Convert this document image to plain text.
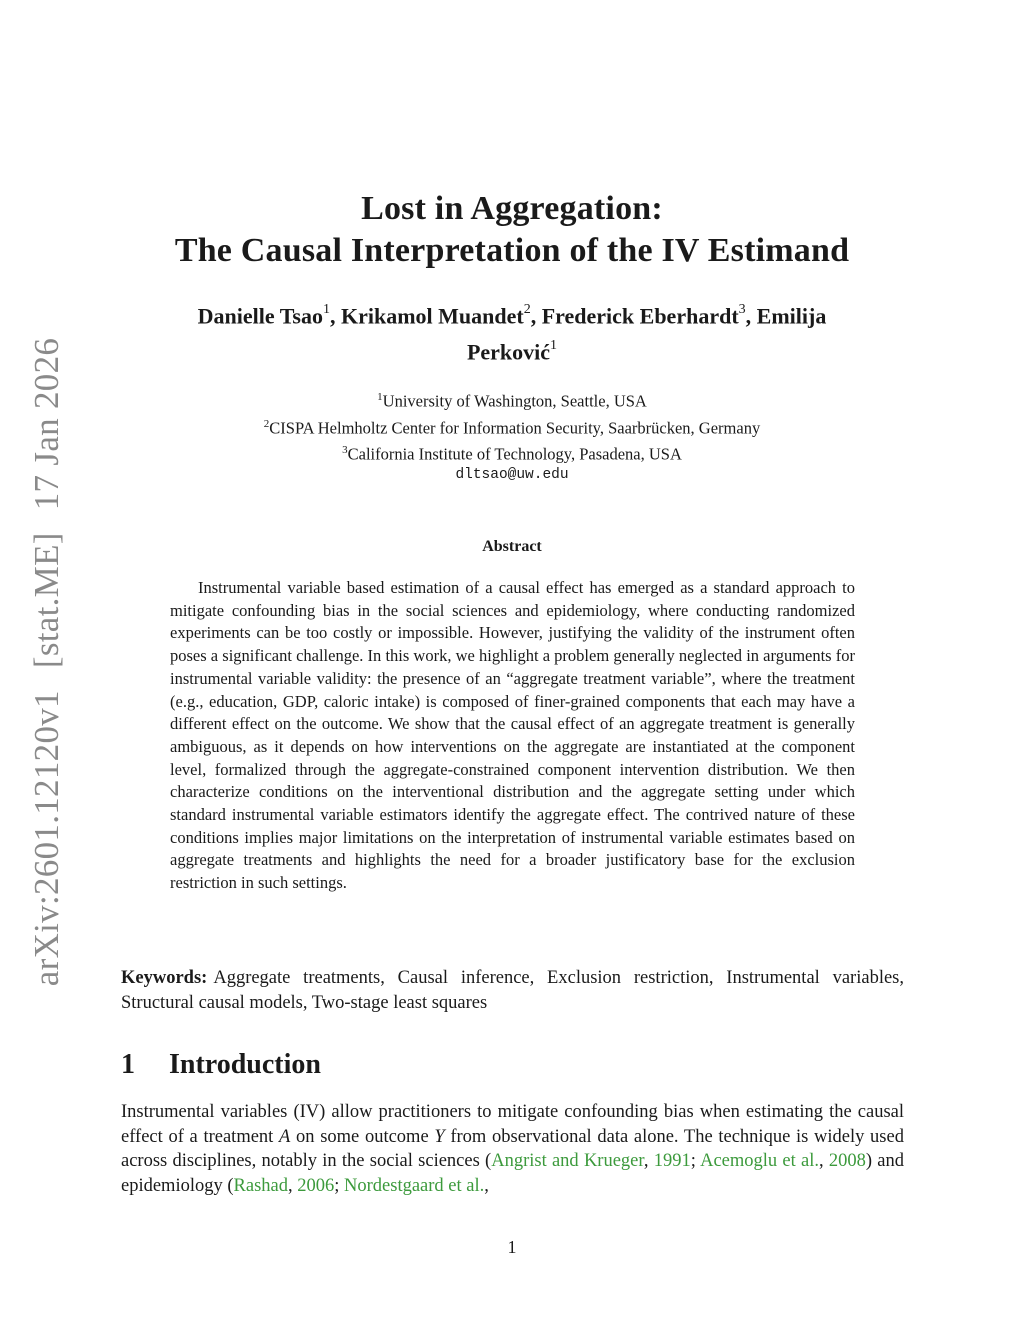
arXiv:2601.12120v1[stat.ME]17 Jan 2026
Lost in Aggregation:
The Causal Interpretation of the IV Estimand
Danielle Tsao$^1$, Krikamol Muandet$^2$, Frederick Eberhardt$^3$, Emilija
Perković$^1$
$^1$University of Washington, Seattle, USA
$^2$CISPA Helmholtz Center for Information Security, Saarbrücken, Germany
$^3$California Institute of Technology, Pasadena, USA
dltsao@uw.edu
Abstract
Instrumental variable based estimation of a causal effect has emerged as a standard approach to mitigate confounding bias in the social sciences and epidemiology, where conducting randomized experiments can be too costly or impossible. However, justifying the validity of the instrument often poses a significant challenge. In this work, we highlight a problem generally neglected in arguments for instrumental variable validity: the presence of an “aggregate treatment variable”, where the treatment (e.g., education, GDP, caloric intake) is composed of finer-grained components that each may have a different effect on the outcome. We show that the causal effect of an aggregate treatment is generally ambiguous, as it depends on how interventions on the aggregate are instantiated at the component level, formalized through the aggregate-constrained component intervention distribution. We then characterize conditions on the interventional distribution and the aggregate setting under which standard instrumental variable estimators identify the aggregate effect. The contrived nature of these conditions implies major limitations on the interpretation of instrumental variable estimates based on aggregate treatments and highlights the need for a broader justificatory base for the exclusion restriction in such settings.
Keywords: Aggregate treatments, Causal inference, Exclusion restriction, Instrumental variables, Structural causal models, Two-stage least squares
1 Introduction
Instrumental variables (IV) allow practitioners to mitigate confounding bias when estimating the causal effect of a treatment A on some outcome Y from observational data alone. The technique is widely used across disciplines, notably in the social sciences (Angrist and Krueger, 1991; Acemoglu et al., 2008) and epidemiology (Rashad, 2006; Nordestgaard et al.,
1
